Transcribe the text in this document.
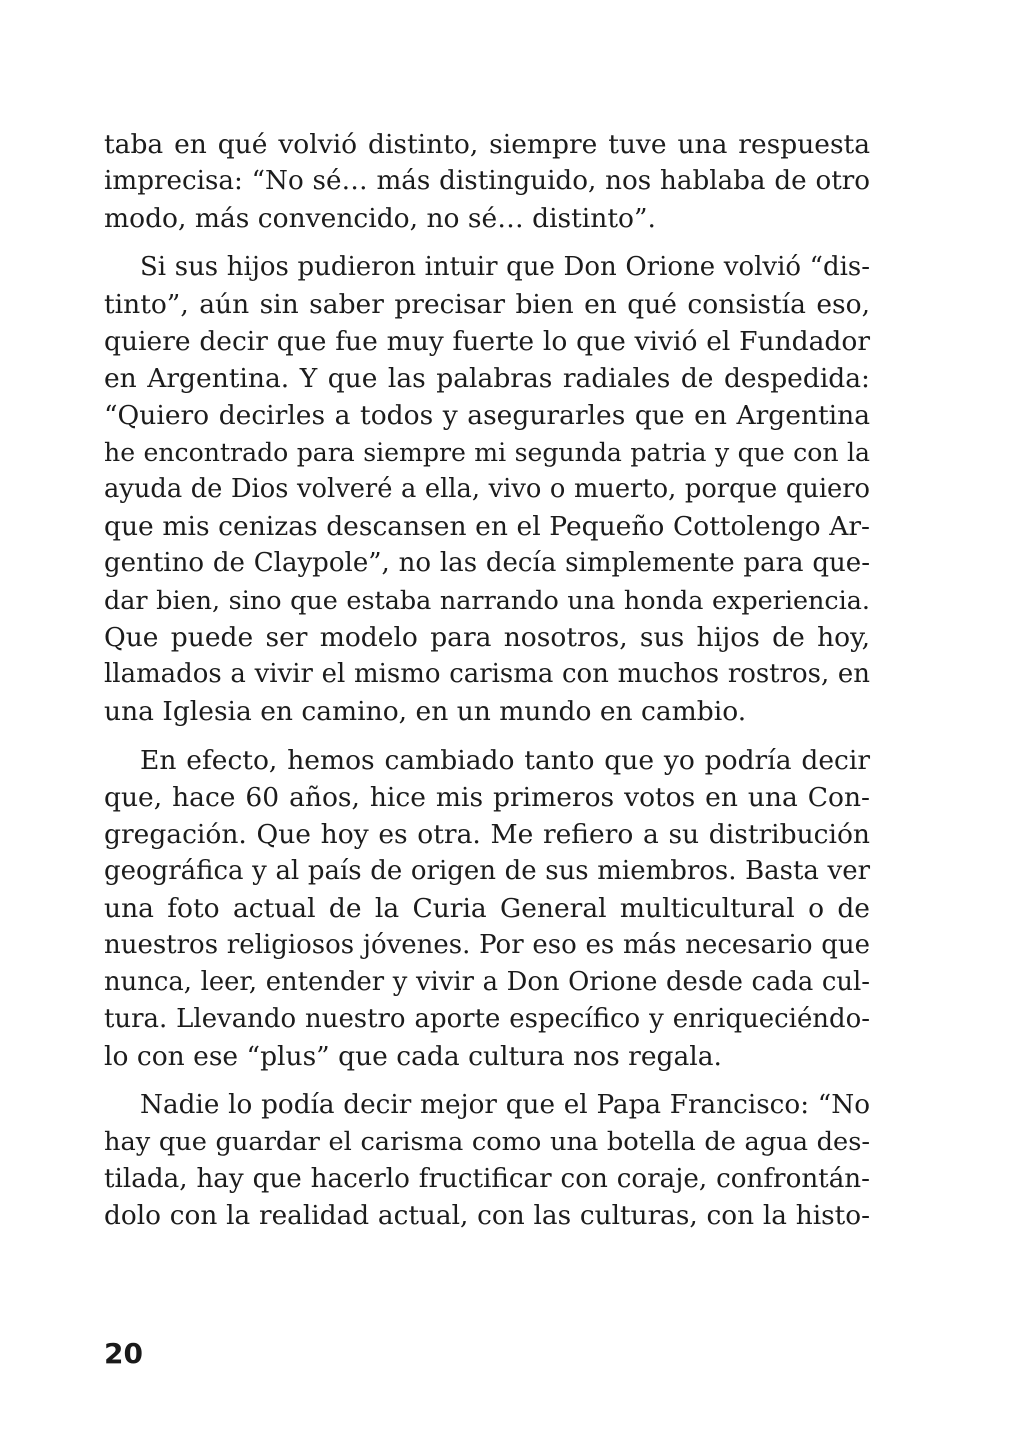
taba en qué volvió distinto, siempre tuve una respuesta
imprecisa: “No sé… más distinguido, nos hablaba de otro
modo, más convencido, no sé… distinto”.
Si sus hijos pudieron intuir que Don Orione volvió “dis-
tinto”, aún sin saber precisar bien en qué consistía eso,
quiere decir que fue muy fuerte lo que vivió el Fundador
en Argentina. Y que las palabras radiales de despedida:
“Quiero decirles a todos y asegurarles que en Argentina
he encontrado para siempre mi segunda patria y que con la
ayuda de Dios volveré a ella, vivo o muerto, porque quiero
que mis cenizas descansen en el Pequeño Cottolengo Ar-
gentino de Claypole”, no las decía simplemente para que-
dar bien, sino que estaba narrando una honda experiencia.
Que puede ser modelo para nosotros, sus hijos de hoy,
llamados a vivir el mismo carisma con muchos rostros, en
una Iglesia en camino, en un mundo en cambio.
En efecto, hemos cambiado tanto que yo podría decir
que, hace 60 años, hice mis primeros votos en una Con-
gregación. Que hoy es otra. Me refiero a su distribución
geográfica y al país de origen de sus miembros. Basta ver
una foto actual de la Curia General multicultural o de
nuestros religiosos jóvenes. Por eso es más necesario que
nunca, leer, entender y vivir a Don Orione desde cada cul-
tura. Llevando nuestro aporte específico y enriqueciéndo-
lo con ese “plus” que cada cultura nos regala.
Nadie lo podía decir mejor que el Papa Francisco: “No
hay que guardar el carisma como una botella de agua des-
tilada, hay que hacerlo fructificar con coraje, confrontán-
dolo con la realidad actual, con las culturas, con la histo-
20
